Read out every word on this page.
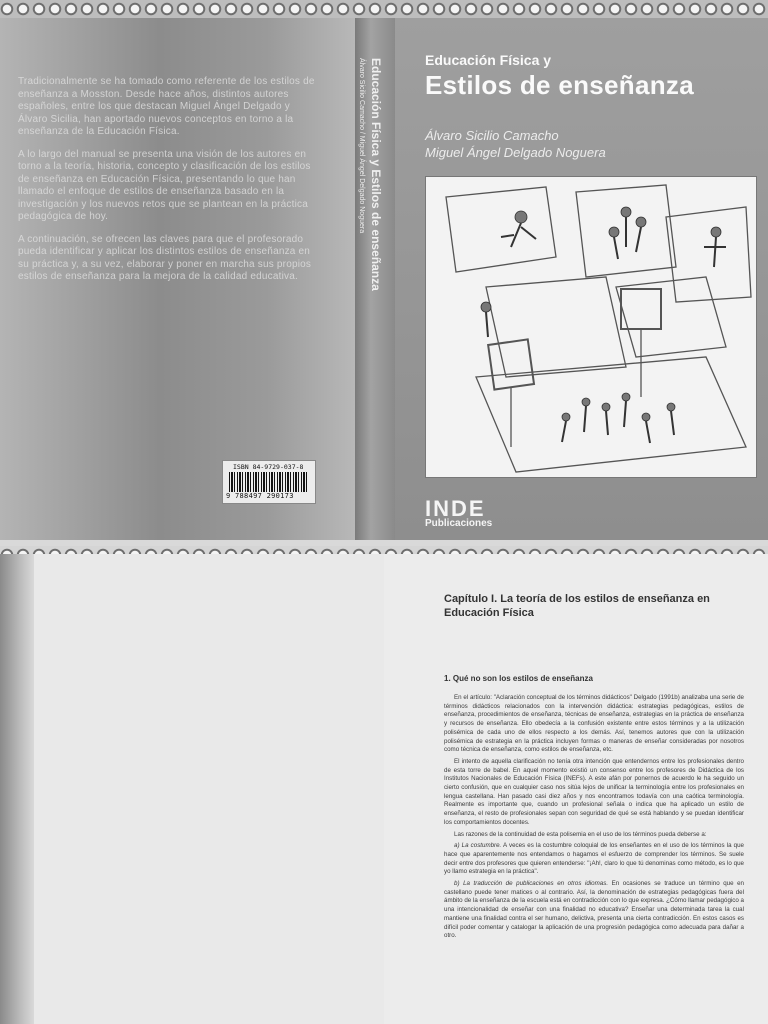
Tradicionalmente se ha tomado como referente de los estilos de enseñanza a Mosston. Desde hace años, distintos autores españoles, entre los que destacan Miguel Ángel Delgado y Álvaro Sicilia, han aportado nuevos conceptos en torno a la enseñanza de la Educación Física.

A lo largo del manual se presenta una visión de los autores en torno a la teoría, historia, concepto y clasificación de los estilos de enseñanza en Educación Física, presentando lo que han llamado el enfoque de estilos de enseñanza basado en la investigación y los nuevos retos que se plantean en la práctica pedagógica de hoy.

A continuación, se ofrecen las claves para que el profesorado pueda identificar y aplicar los distintos estilos de enseñanza en su práctica y, a su vez, elaborar y poner en marcha sus propios estilos de enseñanza para la mejora de la calidad educativa.

ISBN 84-9729-037-8
9 788497 290173
Educación Física y Estilos de enseñanza
Álvaro Sicilio Camacho / Miguel Ángel Delgado Noguera	Educación Física y
Estilos de enseñanza
Álvaro Sicilio Camacho
Miguel Ángel Delgado Noguera
INDE
Publicaciones
Capítulo I. La teoría de los estilos de enseñanza en Educación Física
1. Qué no son los estilos de enseñanza

En el artículo: "Aclaración conceptual de los términos didácticos" Delgado (1991b) analizaba una serie de términos didácticos relacionados con la intervención didáctica: estrategias pedagógicas, estilos de enseñanza, procedimientos de enseñanza, técnicas de enseñanza, estrategias en la práctica de enseñanza y recursos de enseñanza. Ello obedecía a la confusión existente entre estos términos y a la utilización polisémica de cada uno de ellos respecto a los demás. Así, tenemos autores que con la utilización polisémica de estrategia en la práctica incluyen formas o maneras de enseñar consideradas por nosotros como técnica de enseñanza, como estilos de enseñanza, etc.

El intento de aquella clarificación no tenía otra intención que entendernos entre los profesionales dentro de esta torre de babel. En aquel momento existió un consenso entre los profesores de Didáctica de los Institutos Nacionales de Educación Física (INEFs). A este afán por ponernos de acuerdo le ha seguido un cierto confusión, que en cualquier caso nos sitúa lejos de unificar la terminología entre los profesionales en lengua castellana. Han pasado casi diez años y nos encontramos todavía con una caótica terminología. Realmente es importante que, cuando un profesional señala o indica que ha aplicado un estilo de enseñanza, el resto de profesionales sepan con seguridad de qué se está hablando y se puedan identificar los comportamientos docentes.

Las razones de la continuidad de esta polisemia en el uso de los términos pueda deberse a:

a) La costumbre. A veces es la costumbre coloquial de los enseñantes en el uso de los términos la que hace que aparentemente nos entendamos o hagamos el esfuerzo de comprender los términos. Se suele decir entre dos profesores que quieren entenderse: "¡Ah!, claro lo que tú denominas como método, es lo que yo llamo estrategia en la práctica".

b) La traducción de publicaciones en otros idiomas. En ocasiones se traduce un término que en castellano puede tener matices o al contrario. Así, la denominación de estrategias pedagógicas fuera del ámbito de la enseñanza de la escuela está en contradicción con lo que expresa. ¿Cómo llamar pedagógico a una intencionalidad de enseñar con una finalidad no educativa? Enseñar una determinada tarea la cual mantiene una finalidad contra el ser humano, delictiva, presenta una cierta contradicción. En estos casos es difícil poder comentar y catalogar la aplicación de una progresión pedagógica como adecuada para dañar a otro.
